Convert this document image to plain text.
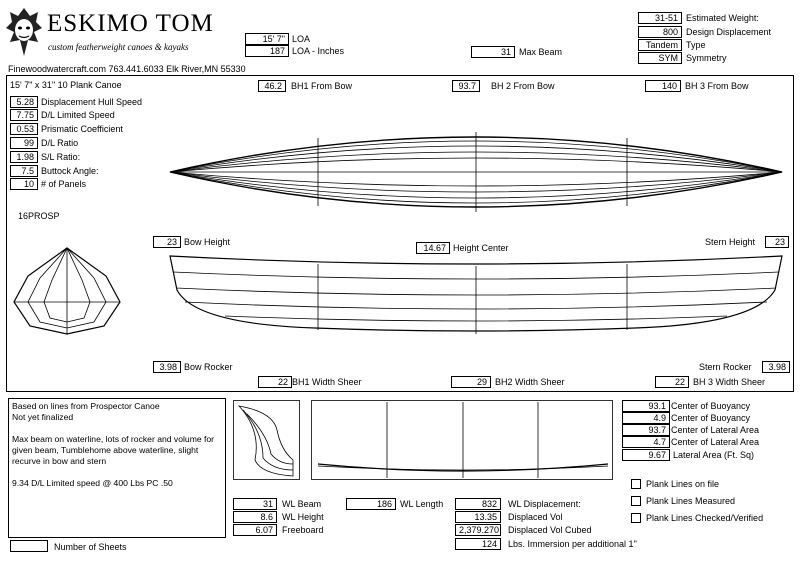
ESKIMO TOM
custom featherweight canoes & kayaks
Finewoodwatercraft.com 763.441.6033 Elk River,MN 55330
15' 7" LOA
187 LOA - Inches	31 Max Beam
31-51 Estimated Weight:
800 Design Displacement
Tandem Type
SYM Symmetry
15' 7" x 31" 10 Plank Canoe	46.2	BH1 From Bow	93.7	BH 2 From Bow	140 BH 3 From Bow
5.28 Displacement Hull Speed
7.75 D/L Limited Speed
0.53 Prismatic Coefficient
99 D/L Ratio
1.98 S/L Ratio:
7.5 Buttock Angle:
10 # of Panels
16PROSP
23 Bow Height
14.67 Height Center
Stern Height	23
3.98 Bow Rocker	Stern Rocker	3.98
22 BH1 Width Sheer	29 BH2 Width Sheer	22 BH 3 Width Sheer

Based on lines from Prospector Canoe

Not yet finalized

Max beam on waterline, lots of rocker and volume for given beam, Tumblehome above waterline, slight recurve in bow and stern

9.34 D/L Limited speed @ 400 Lbs PC .50

93.1 Center of Buoyancy
4.9 Center of Buoyancy
93.7 Center of Lateral Area
4.7 Center of Lateral Area
9.67 Lateral Area (Ft. Sq)
Plank Lines on file
Plank Lines Measured
Plank Lines Checked/Verified
31	WL Beam
8.6	WL Height
6.07	Freeboard
186 WL Length	832	WL Displacement:
13.35	Displaced Vol
2,379.270 Displaced Vol Cubed
124	Lbs. Immersion per additional 1"
Number of Sheets
